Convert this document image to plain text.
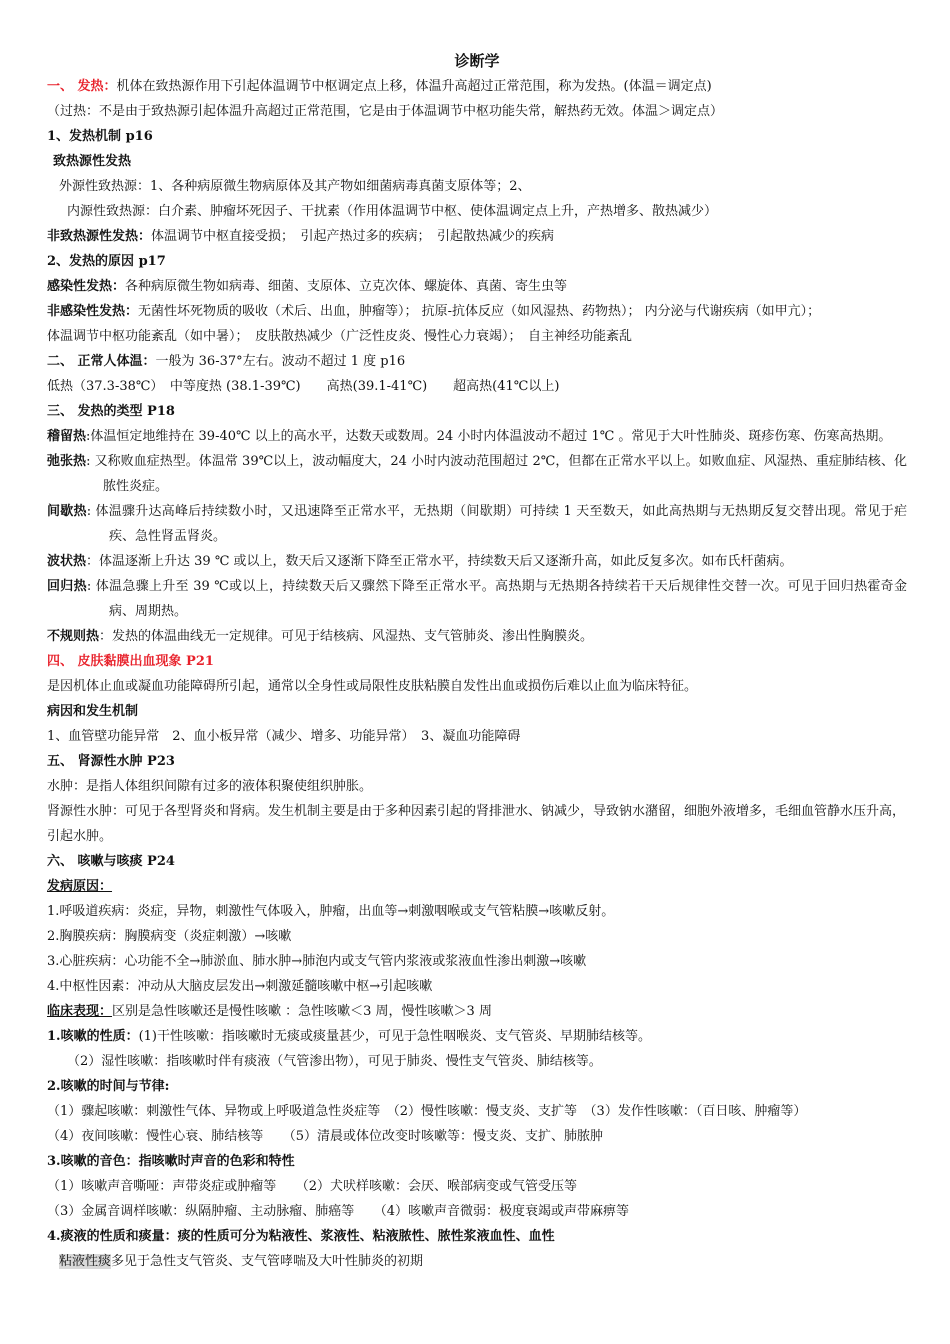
诊断学
一、 发热：机体在致热源作用下引起体温调节中枢调定点上移，体温升高超过正常范围，称为发热。(体温＝调定点)
（过热：不是由于致热源引起体温升高超过正常范围，它是由于体温调节中枢功能失常，解热药无效。体温＞调定点）
1、发热机制 p16
致热源性发热
外源性致热源：1、各种病原微生物病原体及其产物如细菌病毒真菌支原体等；2、
内源性致热源：白介素、肿瘤坏死因子、干扰素（作用体温调节中枢、使体温调定点上升，产热增多、散热减少）
非致热源性发热：体温调节中枢直接受损；　引起产热过多的疾病；　引起散热减少的疾病
2、发热的原因 p17
感染性发热：各种病原微生物如病毒、细菌、支原体、立克次体、螺旋体、真菌、寄生虫等
非感染性发热：无菌性坏死物质的吸收（术后、出血，肿瘤等）； 抗原-抗体反应（如风湿热、药物热）； 内分泌与代谢疾病（如甲亢）；
体温调节中枢功能紊乱（如中暑）；　皮肤散热减少（广泛性皮炎、慢性心力衰竭）；　自主神经功能紊乱
二、 正常人体温：一般为 36-37°左右。波动不超过 1 度 p16
低热（37.3-38℃）　中等度热 (38.1-39℃)　　高热(39.1-41℃)　　超高热(41℃以上)
三、 发热的类型 P18
稽留热:体温恒定地维持在 39-40℃ 以上的高水平，达数天或数周。24 小时内体温波动不超过 1℃ 。常见于大叶性肺炎、斑疹伤寒、伤寒高热期。
弛张热: 又称败血症热型。体温常 39℃以上，波动幅度大，24 小时内波动范围超过 2℃，但都在正常水平以上。如败血症、风湿热、重症肺结核、化脓性炎症。
间歇热: 体温骤升达高峰后持续数小时，又迅速降至正常水平，无热期（间歇期）可持续 1 天至数天，如此高热期与无热期反复交替出现。常见于疟疾、急性肾盂肾炎。
波状热：体温逐渐上升达 39 ℃ 或以上，数天后又逐渐下降至正常水平，持续数天后又逐渐升高，如此反复多次。如布氏杆菌病。
回归热: 体温急骤上升至 39 ℃或以上，持续数天后又骤然下降至正常水平。高热期与无热期各持续若干天后规律性交替一次。可见于回归热霍奇金病、周期热。
不规则热：发热的体温曲线无一定规律。可见于结核病、风湿热、支气管肺炎、渗出性胸膜炎。
四、 皮肤黏膜出血现象 P21
是因机体止血或凝血功能障碍所引起，通常以全身性或局限性皮肤粘膜自发性出血或损伤后难以止血为临床特征。
病因和发生机制
1、血管壁功能异常　2、血小板异常（减少、增多、功能异常）　3、凝血功能障碍
五、 肾源性水肿 P23
水肿：是指人体组织间隙有过多的液体积聚使组织肿胀。
肾源性水肿：可见于各型肾炎和肾病。发生机制主要是由于多种因素引起的肾排泄水、钠减少，导致钠水潴留，细胞外液增多，毛细血管静水压升高，引起水肿。
六、 咳嗽与咳痰 P24
发病原因：
1.呼吸道疾病：炎症，异物，刺激性气体吸入，肿瘤，出血等→刺激咽喉或支气管粘膜→咳嗽反射。
2.胸膜疾病：胸膜病变（炎症刺激）→咳嗽
3.心脏疾病：心功能不全→肺淤血、肺水肿→肺泡内或支气管内浆液或浆液血性渗出刺激→咳嗽
4.中枢性因素：冲动从大脑皮层发出→刺激延髓咳嗽中枢→引起咳嗽
临床表现：区别是急性咳嗽还是慢性咳嗽 ：急性咳嗽＜3 周，慢性咳嗽＞3 周
1.咳嗽的性质：(1)干性咳嗽：指咳嗽时无痰或痰量甚少，可见于急性咽喉炎、支气管炎、早期肺结核等。
（2）湿性咳嗽：指咳嗽时伴有痰液（气管渗出物），可见于肺炎、慢性支气管炎、肺结核等。
2.咳嗽的时间与节律:
（1）骤起咳嗽：刺激性气体、异物或上呼吸道急性炎症等　（2）慢性咳嗽：慢支炎、支扩等　（3）发作性咳嗽：（百日咳、肿瘤等）
（4）夜间咳嗽：慢性心衰、肺结核等　　（5）清晨或体位改变时咳嗽等：慢支炎、支扩、肺脓肿
3.咳嗽的音色：指咳嗽时声音的色彩和特性
（1）咳嗽声音嘶哑：声带炎症或肿瘤等　　（2）犬吠样咳嗽：会厌、喉部病变或气管受压等
（3）金属音调样咳嗽：纵隔肿瘤、主动脉瘤、肺癌等　　（4）咳嗽声音微弱：极度衰竭或声带麻痹等
4.痰液的性质和痰量：痰的性质可分为粘液性、浆液性、粘液脓性、脓性浆液血性、血性
粘液性痰多见于急性支气管炎、支气管哮喘及大叶性肺炎的初期
